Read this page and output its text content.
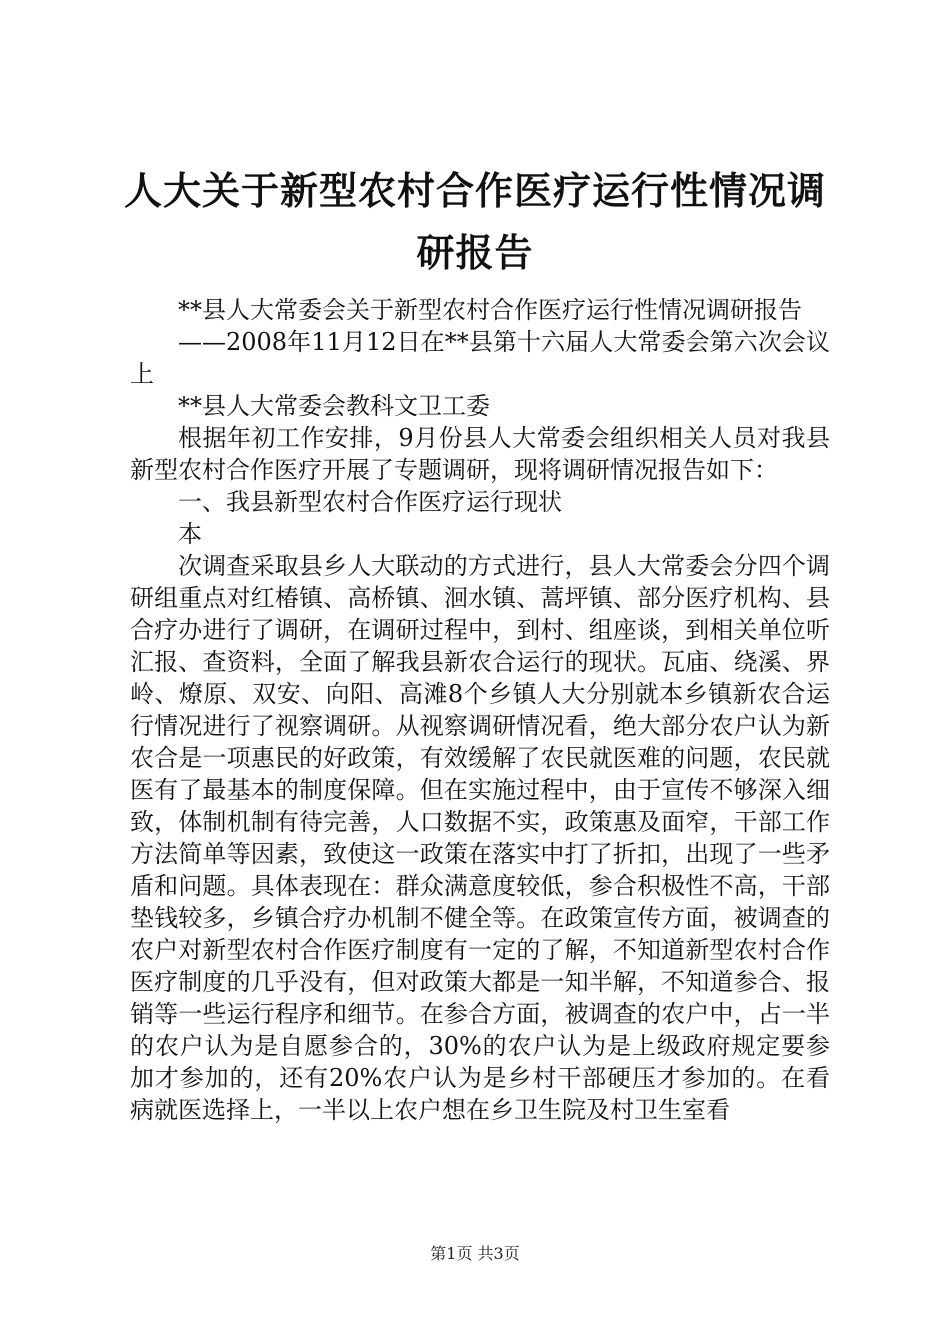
人大关于新型农村合作医疗运行性情况调研报告

**县人大常委会关于新型农村合作医疗运行性情况调研报告

——2008年11月12日在**县第十六届人大常委会第六次会议上

**县人大常委会教科文卫工委

根据年初工作安排，9月份县人大常委会组织相关人员对我县新型农村合作医疗开展了专题调研，现将调研情况报告如下：

一、我县新型农村合作医疗运行现状

本

次调查采取县乡人大联动的方式进行，县人大常委会分四个调研组重点对红椿镇、高桥镇、洄水镇、蒿坪镇、部分医疗机构、县合疗办进行了调研，在调研过程中，到村、组座谈，到相关单位听汇报、查资料，全面了解我县新农合运行的现状。瓦庙、绕溪、界岭、燎原、双安、向阳、高滩8个乡镇人大分别就本乡镇新农合运行情况进行了视察调研。从视察调研情况看，绝大部分农户认为新农合是一项惠民的好政策，有效缓解了农民就医难的问题，农民就医有了最基本的制度保障。但在实施过程中，由于宣传不够深入细致，体制机制有待完善，人口数据不实，政策惠及面窄，干部工作方法简单等因素，致使这一政策在落实中打了折扣，出现了一些矛盾和问题。具体表现在：群众满意度较低，参合积极性不高，干部垫钱较多，乡镇合疗办机制不健全等。在政策宣传方面，被调查的农户对新型农村合作医疗制度有一定的了解，不知道新型农村合作医疗制度的几乎没有，但对政策大都是一知半解，不知道参合、报销等一些运行程序和细节。在参合方面，被调查的农户中，占一半的农户认为是自愿参合的，30%的农户认为是上级政府规定要参加才参加的，还有20%农户认为是乡村干部硬压才参加的。在看病就医选择上，一半以上农户想在乡卫生院及村卫生室看

第1页 共3页
